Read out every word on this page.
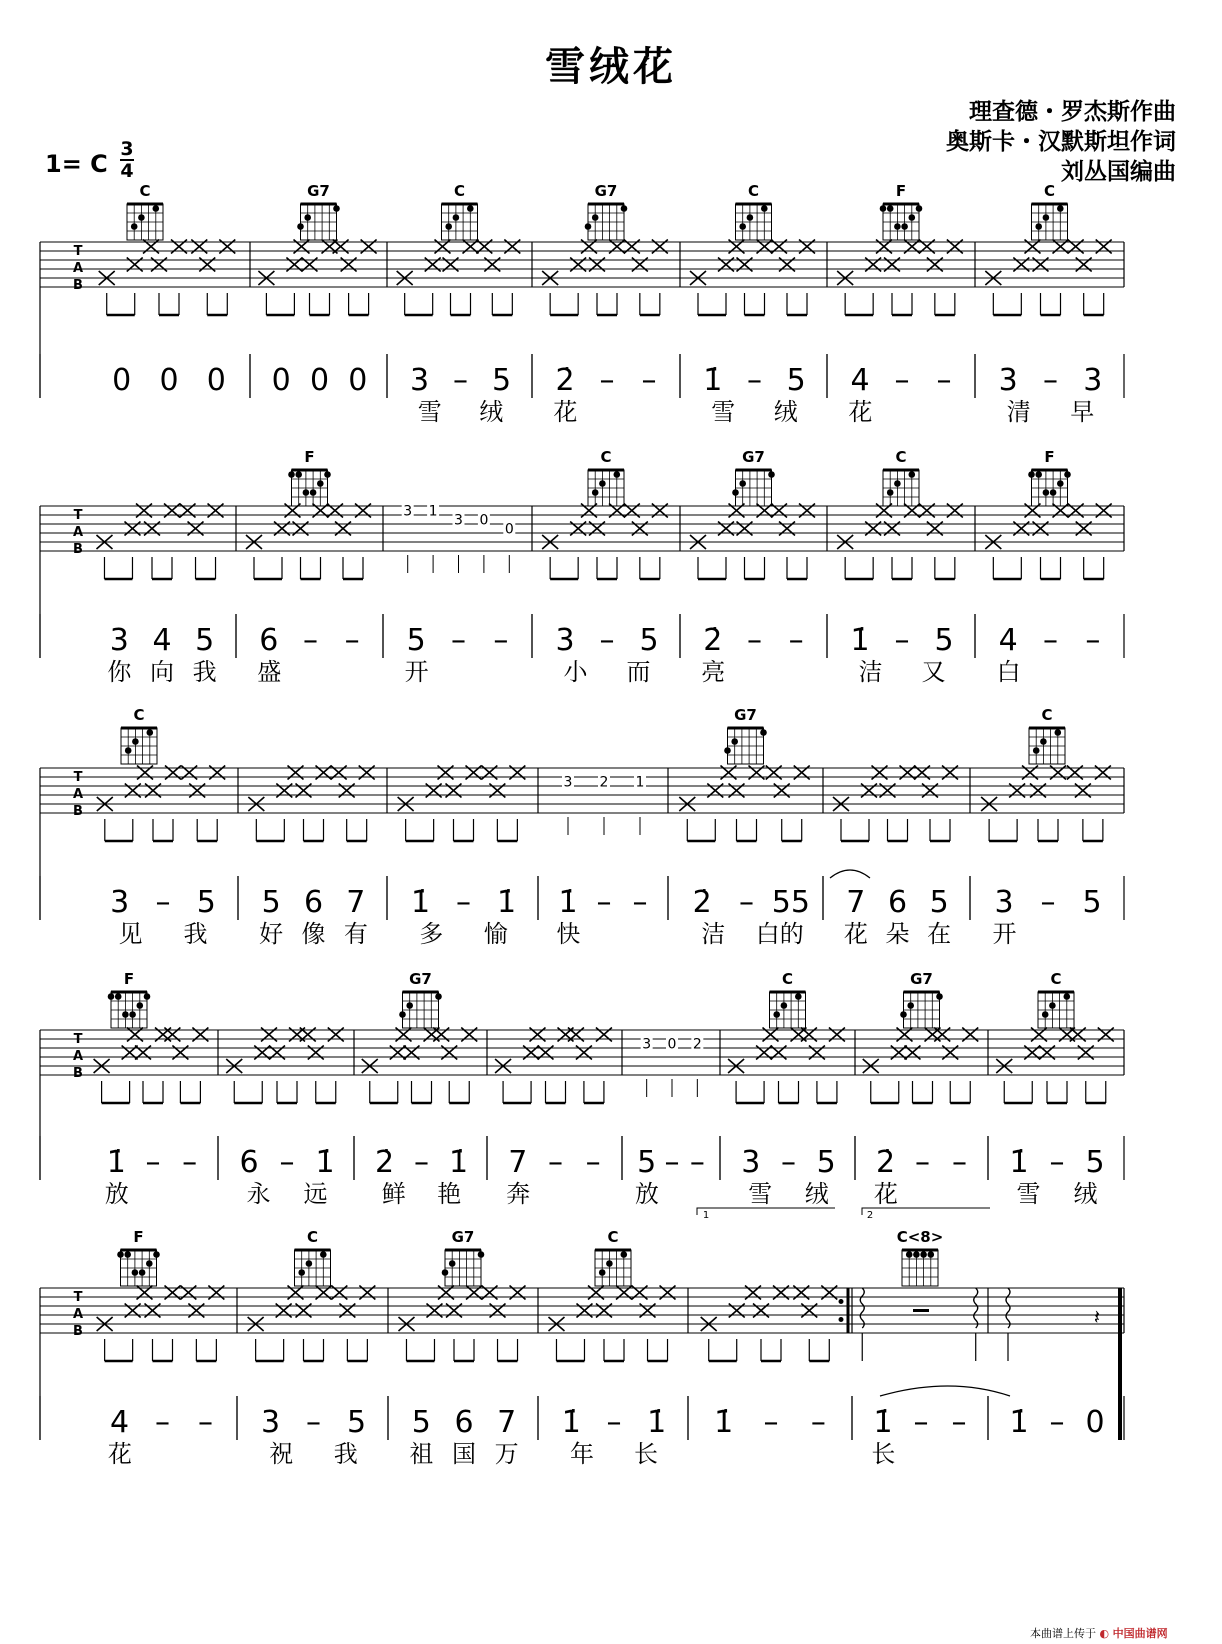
雪绒花
理查德・罗杰斯作曲
奥斯卡・汉默斯坦作词
刘丛国编曲
1= C
3
4
T
A
B
C
0 0 0
G7
0 0 0
C
3 – 5
雪 绒
G7
2̇ – –
花
C
1̇ – 5
雪 绒
F
4 – –
花
C
3 – 3
清 早
T
A
B
3 4 5
你 向 我
F
6 – –
盛
3 1
3 0
0
5 – –
开
C
3 – 5
小 而
G7
2̇ – –
亮
C
1̇ – 5
洁 又
F
4 – –
白
T
A
B
C
3 – 5
见 我
5 6 7
好 像 有
1̇ – 1̇
多 愉
3 2 1
1̇ – –
快
G7
2̇ – 55
洁 白的
7 6 5
花 朵 在
C
3 – 5
开
T
A
B
F
1̇ – –
放
6 – 1̇
永 远
G7
2̇ – 1̇
鲜 艳
7 – –
奔
3 0 2
5 – –
放
C
3 – 5
雪 绒
G7
2̇ – –
花
C
1̇ – 5
雪 绒
1	2
T
A
B
F
4 – –
花
C
3 – 5
祝 我
G7
5 6 7
祖 国 万
C
1̇ – 1̇
年 长
1̇ – –
C<8>
1̇ – –
长
𝄽
1̇ – 0
本曲谱上传于 ◐ 中国曲谱网
